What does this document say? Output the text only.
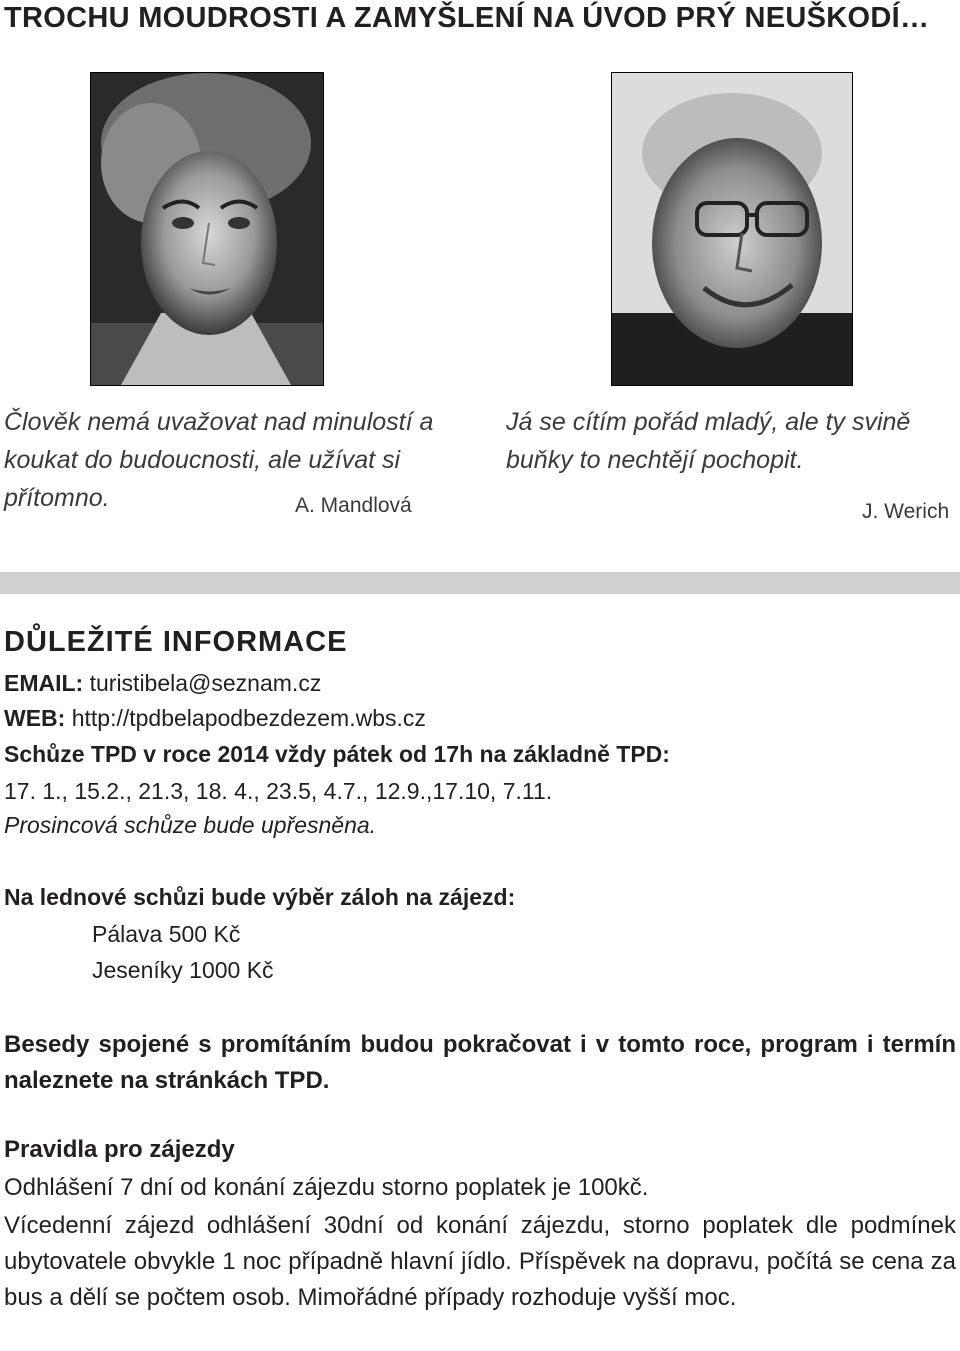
TROCHU MOUDROSTI A ZAMYŠLENÍ NA ÚVOD PRÝ NEUŠKODÍ…
Člověk nemá uvažovat nad minulostí a koukat do budoucnosti, ale užívat si přítomno.	A. Mandlová
Já se cítím pořád mladý, ale ty svině buňky to nechtějí pochopit.
J. Werich
DŮLEŽITÉ INFORMACE
EMAIL: turistibela@seznam.cz
WEB: http://tpdbelapodbezdezem.wbs.cz
Schůze TPD v roce 2014 vždy pátek od 17h na základně TPD:
17. 1., 15.2., 21.3, 18. 4., 23.5, 4.7., 12.9.,17.10, 7.11.
Prosincová schůze bude upřesněna.
Na lednové schůzi bude výběr záloh na zájezd:
Pálava 500 Kč
Jeseníky 1000 Kč
Besedy spojené s promítáním budou pokračovat i v tomto roce, program i termín naleznete na stránkách TPD.
Pravidla pro zájezdy
Odhlášení 7 dní od konání zájezdu storno poplatek je 100kč.
Vícedenní zájezd odhlášení 30dní od konání zájezdu, storno poplatek dle podmínek ubytovatele obvykle 1 noc případně hlavní jídlo. Příspěvek na dopravu, počítá se cena za bus a dělí se počtem osob. Mimořádné případy rozhoduje vyšší moc.
